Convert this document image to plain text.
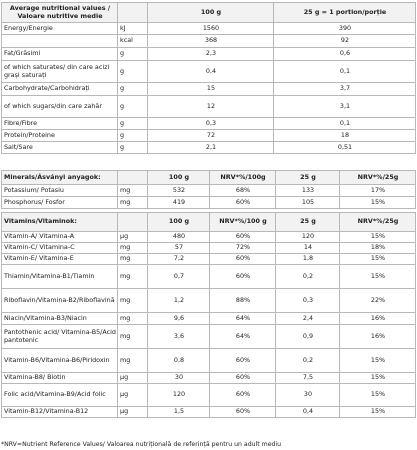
Average nutritional values / Valoare nutritive medie		100 g	25 g = 1 portion/porție
Energy/Energie	kJ	1560	390
	kcal	368	92
Fat/Grăsimi	g	2,3	0,6
of which saturates/ din care acizi grași saturați	g	0,4	0,1
Carbohydrate/Carbohidrați	g	15	3,7
of which sugars/din care zahăr	g	12	3,1
Fibre/Fibre	g	0,3	0,1
Protein/Proteine	g	72	18
Salt/Sare	g	2,1	0,51
Minerals/Ásványi anyagok:		100 g	NRV*%/100g	25 g	NRV*%/25g
Potassium/ Potasiu	mg	532	68%	133	17%
Phosphorus/ Fosfor	mg	419	60%	105	15%
Vitamins/Vitaminok:		100 g	NRV*%/100 g	25 g	NRV*%/25g
Vitamin-A/ Vitamina-A	µg	480	60%	120	15%
Vitamin-C/ Vitamina-C	mg	57	72%	14	18%
Vitamin-E/ Vitamina-E	mg	7,2	60%	1,8	15%
Thiamin/Vitamina-B1/Tiamin	mg	0,7	60%	0,2	15%
Riboflavin/Vitamina-B2/Riboflavină	mg	1,2	88%	0,3	22%
Niacin/Vitamina-B3/Niacin	mg	9,6	64%	2,4	16%
Pantothenic acid/ Vitamina-B5/Acid pantotenic	mg	3,6	64%	0,9	16%
Vitamin-B6/Vitamina-B6/Piridoxin	mg	0,8	60%	0,2	15%
Vitamina-B8/ Biotin	µg	30	60%	7,5	15%
Folic acid/Vitamina-B9/Acid folic	µg	120	60%	30	15%
Vitamin-B12/Vitamina-B12	µg	1,5	60%	0,4	15%
*NRV=Nutrient Reference Values/ Valoarea nutrițională de referință pentru un adult mediu
